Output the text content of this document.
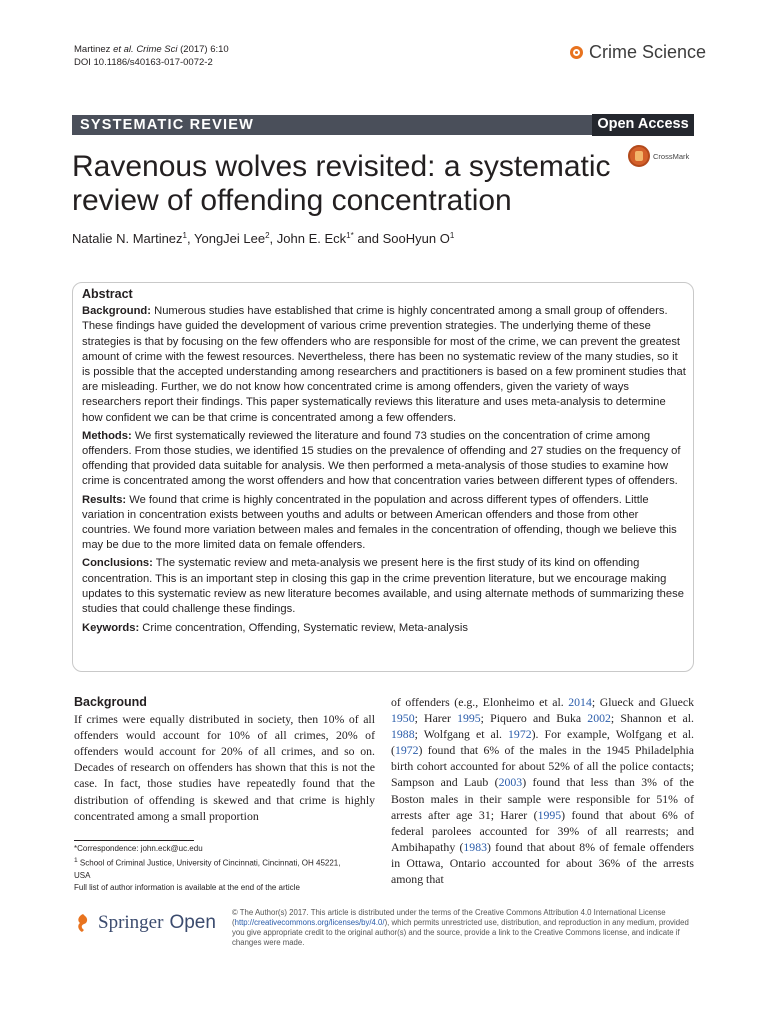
Martinez et al. Crime Sci (2017) 6:10
DOI 10.1186/s40163-017-0072-2
Crime Science
SYSTEMATIC REVIEW	Open Access
CrossMark
Ravenous wolves revisited: a systematic review of offending concentration
Natalie N. Martinez$^1$, YongJei Lee$^2$, John E. Eck$^{1*}$ and SooHyun $O^1$
Abstract

Background: Numerous studies have established that crime is highly concentrated among a small group of offenders. These findings have guided the development of various crime prevention strategies. The underlying theme of these strategies is that by focusing on the few offenders who are responsible for most of the crime, we can prevent the greatest amount of crime with the fewest resources. Nevertheless, there has been no systematic review of the many studies, so it is possible that the accepted understanding among researchers and practitioners is based on a few prominent studies that are misleading. Further, we do not know how concentrated crime is among offenders, given the variety of ways researchers report their findings. This paper systematically reviews this literature and uses meta-analysis to determine how confident we can be that crime is concentrated among a few offenders.

Methods: We first systematically reviewed the literature and found 73 studies on the concentration of crime among offenders. From those studies, we identified 15 studies on the prevalence of offending and 27 studies on the frequency of offending that provided data suitable for analysis. We then performed a meta-analysis of those studies to examine how crime is concentrated among the worst offenders and how that concentration varies between different types of offenders.

Results: We found that crime is highly concentrated in the population and across different types of offenders. Little variation in concentration exists between youths and adults or between American offenders and those from other countries. We found more variation between males and females in the concentration of offending, though we believe this may be due to the more limited data on female offenders.

Conclusions: The systematic review and meta-analysis we present here is the first study of its kind on offending concentration. This is an important step in closing this gap in the crime prevention literature, but we encourage making updates to this systematic review as new literature becomes available, and using alternate methods of summarizing these studies that could challenge these findings.

Keywords: Crime concentration, Offending, Systematic review, Meta-analysis

Background
If crimes were equally distributed in society, then 10% of all offenders would account for 10% of all crimes, 20% of offenders would account for 20% of all crimes, and so on. Decades of research on offenders has shown that this is not the case. In fact, those studies have repeatedly found that the distribution of offending is skewed and that crime is highly concentrated among a small proportion
of offenders (e.g., Elonheimo et al. 2014; Glueck and Glueck 1950; Harer 1995; Piquero and Buka 2002; Shannon et al. 1988; Wolfgang et al. 1972). For example, Wolfgang et al. (1972) found that 6% of the males in the 1945 Philadelphia birth cohort accounted for about 52% of all the police contacts; Sampson and Laub (2003) found that less than 3% of the Boston males in their sample were responsible for 51% of arrests after age 31; Harer (1995) found that about 6% of federal parolees accounted for 39% of all rearrests; and Ambihapathy (1983) found that about 8% of female offenders in Ottawa, Ontario accounted for about 36% of the arrests among that

*Correspondence: john.eck@uc.edu

$^1$ School of Criminal Justice, University of Cincinnati, Cincinnati, OH 45221, USA

Full list of author information is available at the end of the article

Springer Open © The Author(s) 2017. This article is distributed under the terms of the Creative Commons Attribution 4.0 International License (http://creativecommons.org/licenses/by/4.0/), which permits unrestricted use, distribution, and reproduction in any medium, provided you give appropriate credit to the original author(s) and the source, provide a link to the Creative Commons license, and indicate if changes were made.
